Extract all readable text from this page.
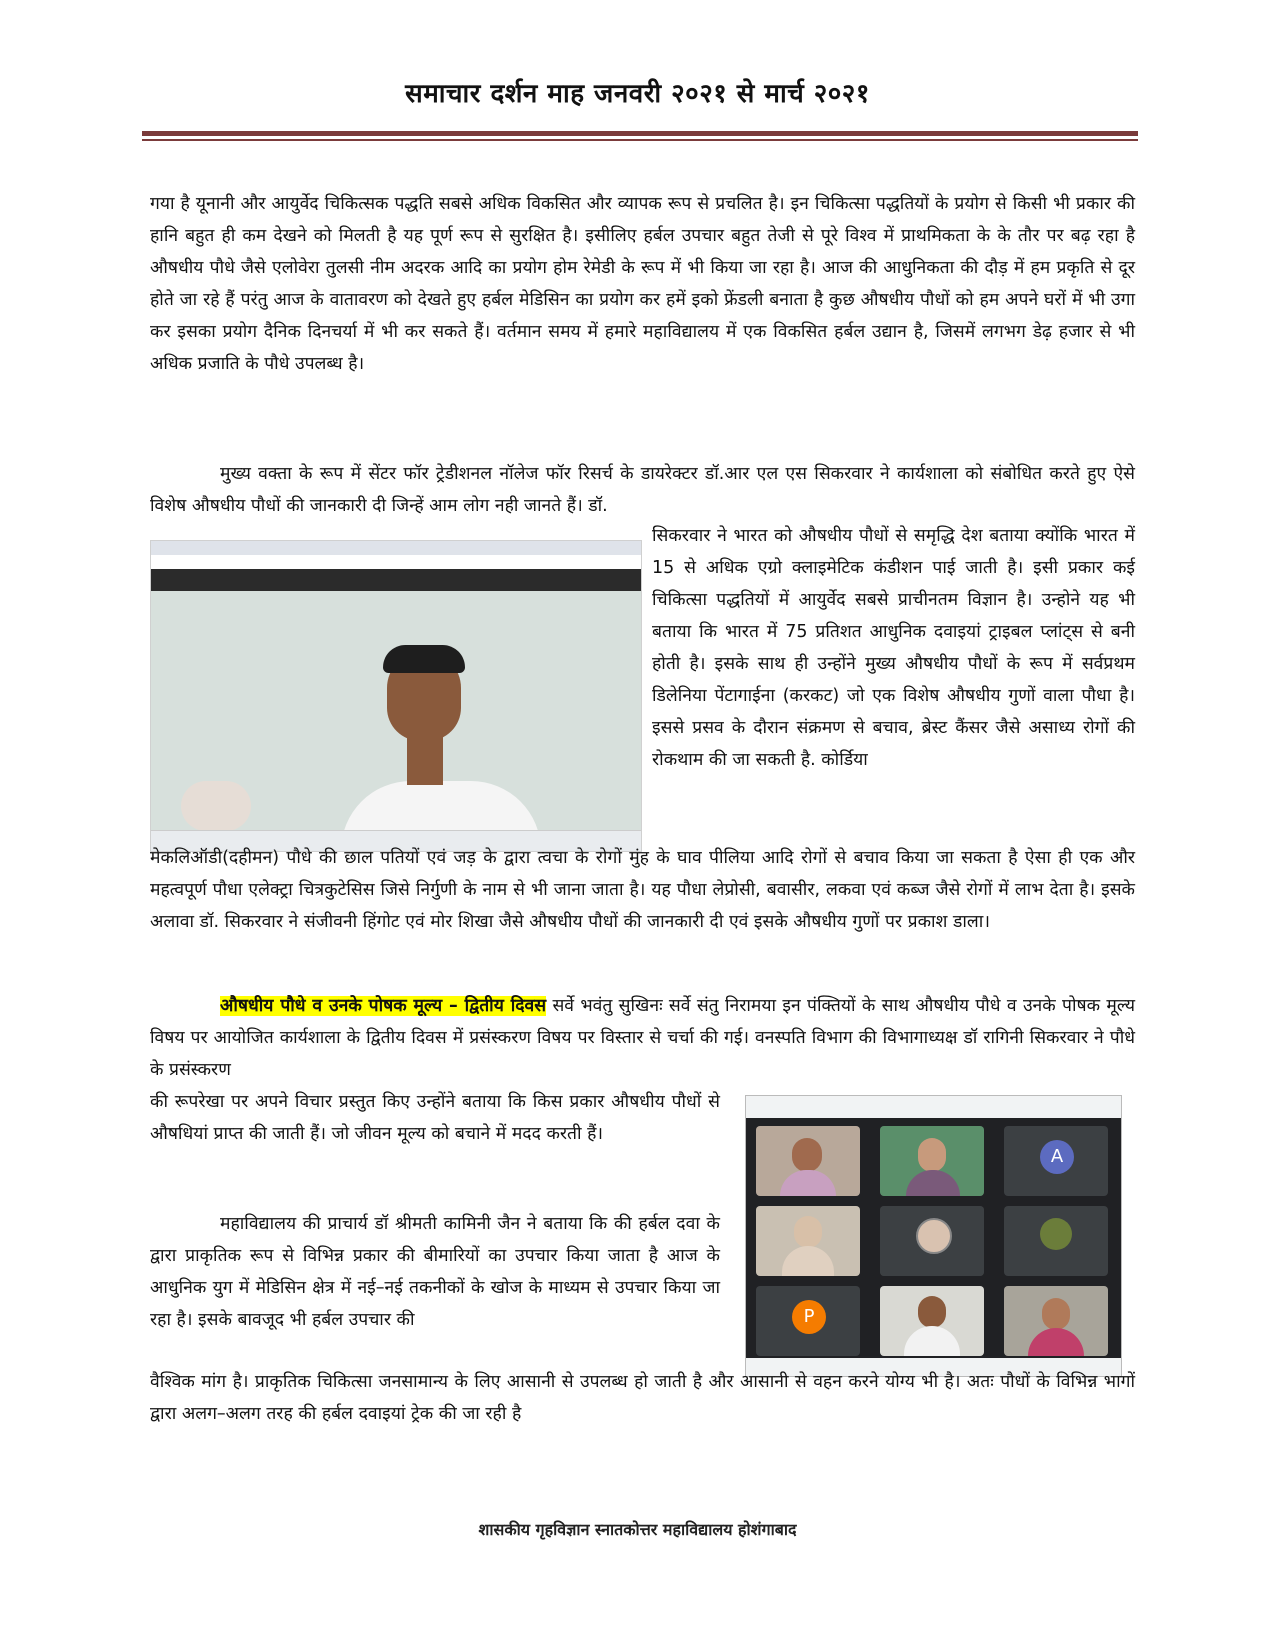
समाचार दर्शन माह जनवरी २०२१ से मार्च २०२१

गया है यूनानी और आयुर्वेद चिकित्सक पद्धति सबसे अधिक विकसित और व्यापक रूप से प्रचलित है। इन चिकित्सा पद्धतियों के प्रयोग से किसी भी प्रकार की हानि बहुत ही कम देखने को मिलती है यह पूर्ण रूप से सुरक्षित है। इसीलिए हर्बल उपचार बहुत तेजी से पूरे विश्व में प्राथमिकता के के तौर पर बढ़ रहा है औषधीय पौधे जैसे एलोवेरा तुलसी नीम अदरक आदि का प्रयोग होम रेमेडी के रूप में भी किया जा रहा है। आज की आधुनिकता की दौड़ में हम प्रकृति से दूर होते जा रहे हैं परंतु आज के वातावरण को देखते हुए हर्बल मेडिसिन का प्रयोग कर हमें इको फ्रेंडली बनाता है कुछ औषधीय पौधों को हम अपने घरों में भी उगा कर इसका प्रयोग दैनिक दिनचर्या में भी कर सकते हैं। वर्तमान समय में हमारे महाविद्यालय में एक विकसित हर्बल उद्यान है, जिसमें लगभग डेढ़ हजार से भी अधिक प्रजाति के पौधे उपलब्ध है।

मुख्य वक्ता के रूप में सेंटर फॉर ट्रेडीशनल नॉलेज फॉर रिसर्च के डायरेक्टर डॉ.आर एल एस सिकरवार ने कार्यशाला को संबोधित करते हुए ऐसे विशेष औषधीय पौधों की जानकारी दी जिन्हें आम लोग नही जानते हैं। डॉ.

सिकरवार ने भारत को औषधीय पौधों से समृद्धि देश बताया क्योंकि भारत में 15 से अधिक एग्रो क्लाइमेटिक कंडीशन पाई जाती है। इसी प्रकार कई चिकित्सा पद्धतियों में आयुर्वेद सबसे प्राचीनतम विज्ञान है। उन्होने यह भी बताया कि भारत में 75 प्रतिशत आधुनिक दवाइयां ट्राइबल प्लांट्स से बनी होती है। इसके साथ ही उन्होंने मुख्य औषधीय पौधों के रूप में सर्वप्रथम डिलेनिया पेंटागाईना (करकट) जो एक विशेष औषधीय गुणों वाला पौधा है। इससे प्रसव के दौरान संक्रमण से बचाव, ब्रेस्ट कैंसर जैसे असाध्य रोगों की रोकथाम की जा सकती है. कोर्डिया

मेकलिऑडी(दहीमन) पौधे की छाल पतियों एवं जड़ के द्वारा त्वचा के रोगों मुंह के घाव पीलिया आदि रोगों से बचाव किया जा सकता है ऐसा ही एक और महत्वपूर्ण पौधा एलेक्ट्रा चित्रकुटेसिस जिसे निर्गुणी के नाम से भी जाना जाता है। यह पौधा लेप्रोसी, बवासीर, लकवा एवं कब्ज जैसे रोगों में लाभ देता है। इसके अलावा डॉ. सिकरवार ने संजीवनी हिंगोट एवं मोर शिखा जैसे औषधीय पौधों की जानकारी दी एवं इसके औषधीय गुणों पर प्रकाश डाला।

औषधीय पौधे व उनके पोषक मूल्य – द्वितीय दिवस सर्वे भवंतु सुखिनः सर्वे संतु निरामया इन पंक्तियों के साथ औषधीय पौधे व उनके पोषक मूल्य विषय पर आयोजित कार्यशाला के द्वितीय दिवस में प्रसंस्करण विषय पर विस्तार से चर्चा की गई। वनस्पति विभाग की विभागाध्यक्ष डॉ रागिनी सिकरवार ने पौधे के प्रसंस्करण

की रूपरेखा पर अपने विचार प्रस्तुत किए उन्होंने बताया कि किस प्रकार औषधीय पौधों से औषधियां प्राप्त की जाती हैं। जो जीवन मूल्य को बचाने में मदद करती हैं।

महाविद्यालय की प्राचार्य डॉ श्रीमती कामिनी जैन ने बताया कि की हर्बल दवा के द्वारा प्राकृतिक रूप से विभिन्न प्रकार की बीमारियों का उपचार किया जाता है आज के आधुनिक युग में मेडिसिन क्षेत्र में नई–नई तकनीकों के खोज के माध्यम से उपचार किया जा रहा है। इसके बावजूद भी हर्बल उपचार की

A
P

वैश्विक मांग है। प्राकृतिक चिकित्सा जनसामान्य के लिए आसानी से उपलब्ध हो जाती है और आसानी से वहन करने योग्य भी है। अतः पौधों के विभिन्न भागों द्वारा अलग–अलग तरह की हर्बल दवाइयां ट्रेक की जा रही है

शासकीय गृहविज्ञान स्नातकोत्तर महाविद्यालय होशंगाबाद
